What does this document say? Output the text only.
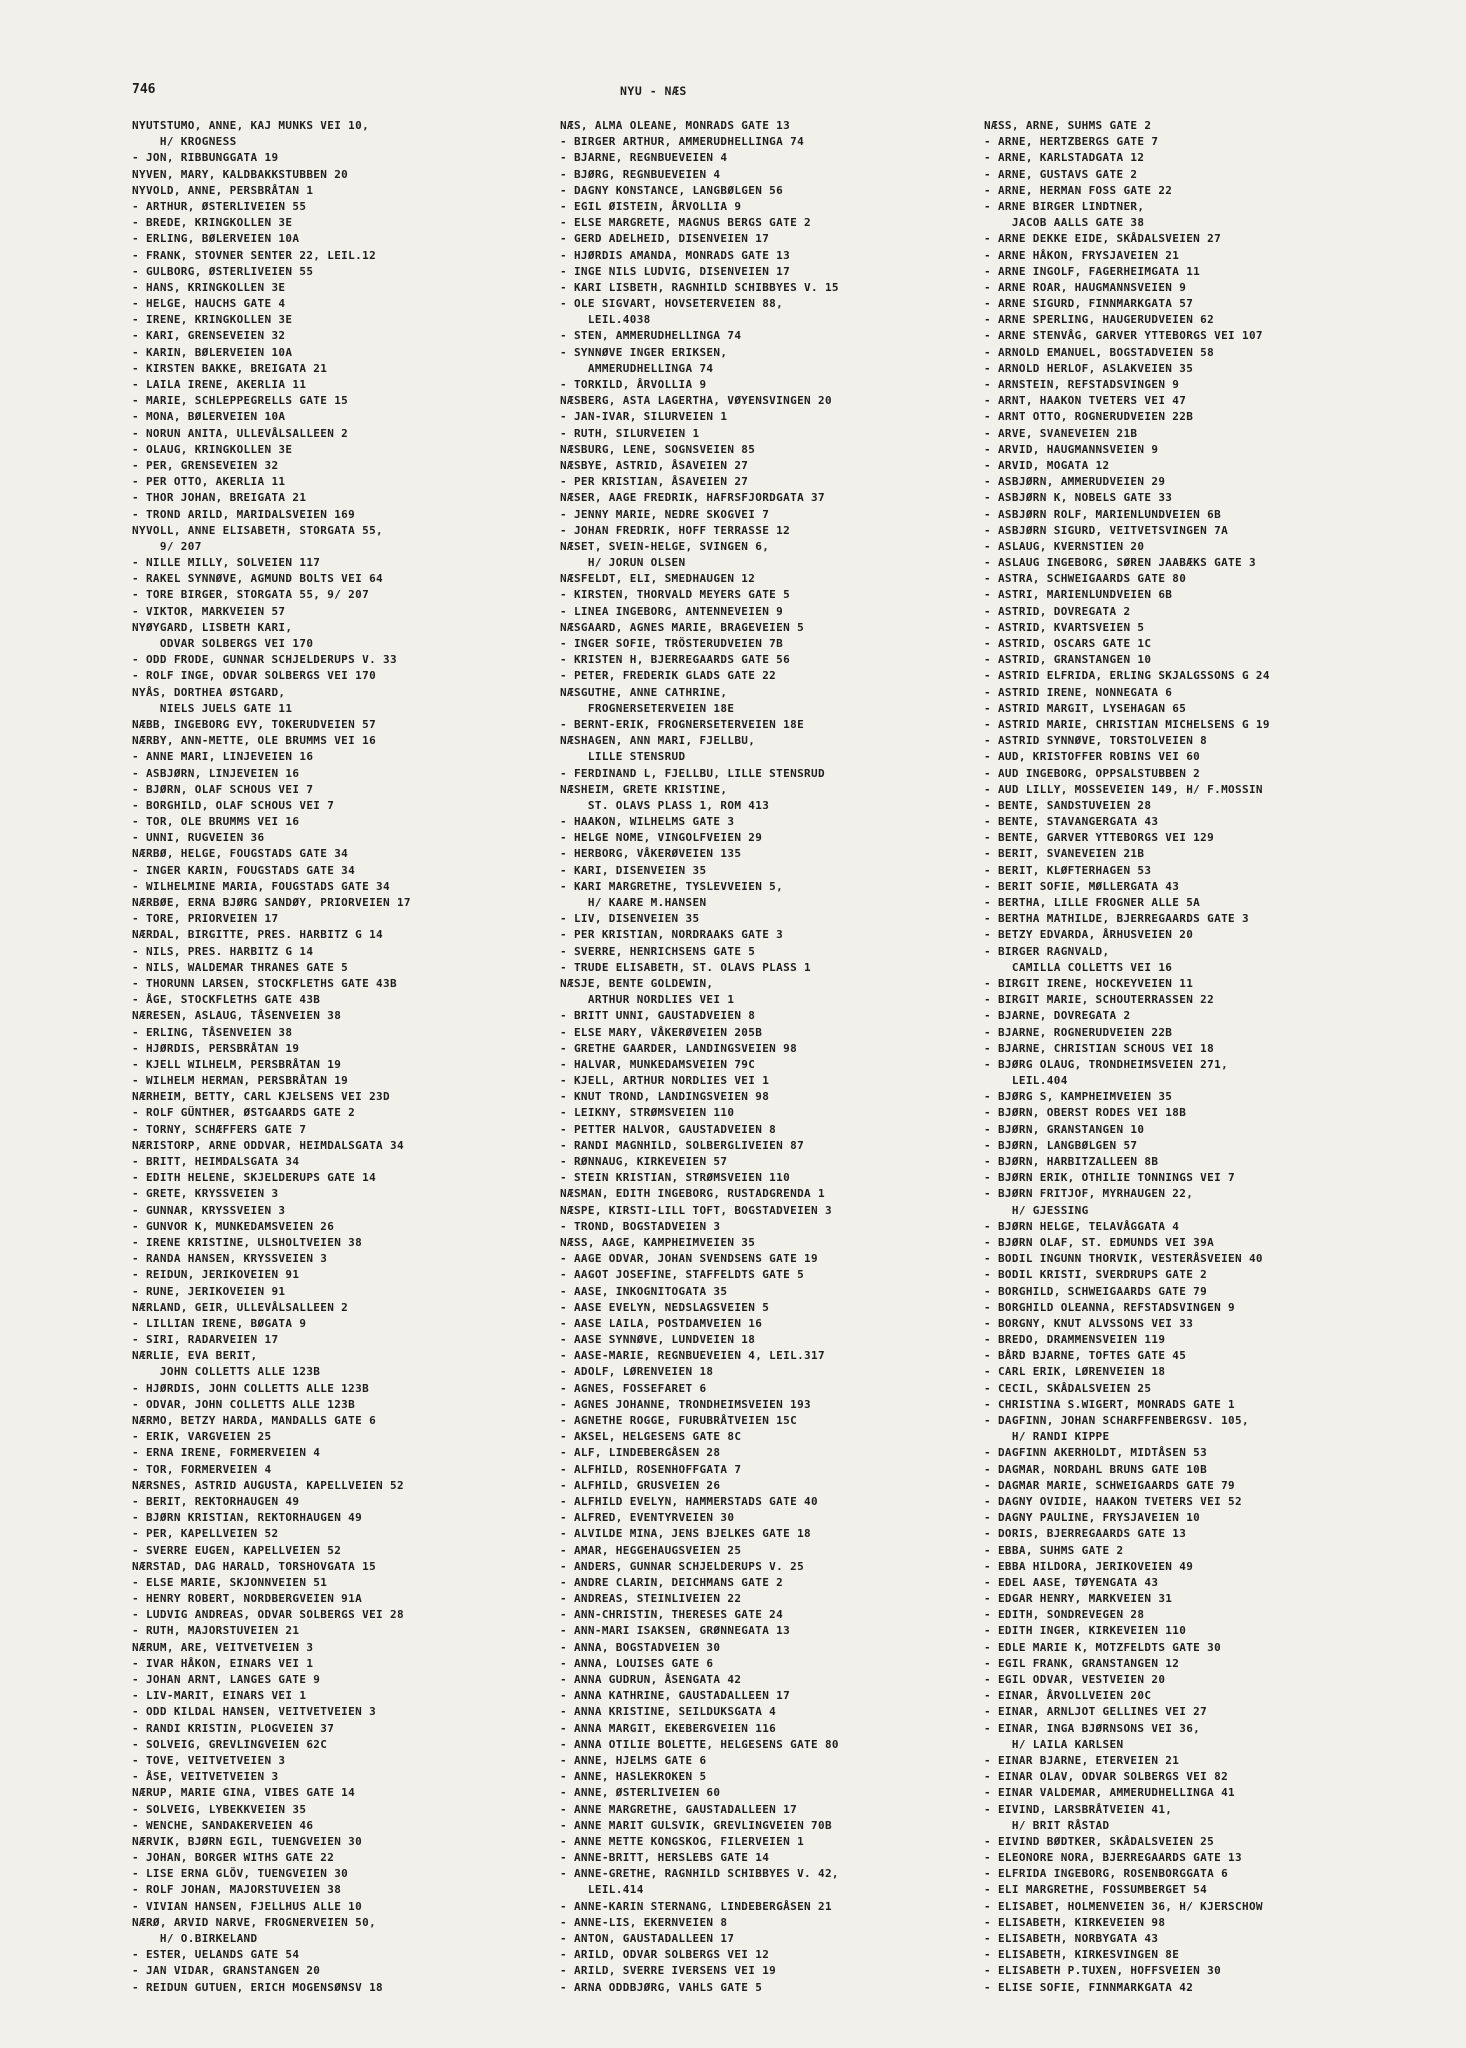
746	NYU - NÆS
NYUTSTUMO, ANNE, KAJ MUNKS VEI 10,
H/ KROGNESS
- JON, RIBBUNGGATA 19
NYVEN, MARY, KALDBAKKSTUBBEN 20
NYVOLD, ANNE, PERSBRÅTAN 1
- ARTHUR, ØSTERLIVEIEN 55
- BREDE, KRINGKOLLEN 3E
- ERLING, BØLERVEIEN 10A
- FRANK, STOVNER SENTER 22, LEIL.12
- GULBORG, ØSTERLIVEIEN 55
- HANS, KRINGKOLLEN 3E
- HELGE, HAUCHS GATE 4
- IRENE, KRINGKOLLEN 3E
- KARI, GRENSEVEIEN 32
- KARIN, BØLERVEIEN 10A
- KIRSTEN BAKKE, BREIGATA 21
- LAILA IRENE, AKERLIA 11
- MARIE, SCHLEPPEGRELLS GATE 15
- MONA, BØLERVEIEN 10A
- NORUN ANITA, ULLEVÅLSALLEEN 2
- OLAUG, KRINGKOLLEN 3E
- PER, GRENSEVEIEN 32
- PER OTTO, AKERLIA 11
- THOR JOHAN, BREIGATA 21
- TROND ARILD, MARIDALSVEIEN 169
NYVOLL, ANNE ELISABETH, STORGATA 55,
9/ 207
- NILLE MILLY, SOLVEIEN 117
- RAKEL SYNNØVE, AGMUND BOLTS VEI 64
- TORE BIRGER, STORGATA 55, 9/ 207
- VIKTOR, MARKVEIEN 57
NYØYGARD, LISBETH KARI,
ODVAR SOLBERGS VEI 170
- ODD FRODE, GUNNAR SCHJELDERUPS V. 33
- ROLF INGE, ODVAR SOLBERGS VEI 170
NYÅS, DORTHEA ØSTGARD,
NIELS JUELS GATE 11
NÆBB, INGEBORG EVY, TOKERUDVEIEN 57
NÆRBY, ANN-METTE, OLE BRUMMS VEI 16
- ANNE MARI, LINJEVEIEN 16
- ASBJØRN, LINJEVEIEN 16
- BJØRN, OLAF SCHOUS VEI 7
- BORGHILD, OLAF SCHOUS VEI 7
- TOR, OLE BRUMMS VEI 16
- UNNI, RUGVEIEN 36
NÆRBØ, HELGE, FOUGSTADS GATE 34
- INGER KARIN, FOUGSTADS GATE 34
- WILHELMINE MARIA, FOUGSTADS GATE 34
NÆRBØE, ERNA BJØRG SANDØY, PRIORVEIEN 17
- TORE, PRIORVEIEN 17
NÆRDAL, BIRGITTE, PRES. HARBITZ G 14
- NILS, PRES. HARBITZ G 14
- NILS, WALDEMAR THRANES GATE 5
- THORUNN LARSEN, STOCKFLETHS GATE 43B
- ÅGE, STOCKFLETHS GATE 43B
NÆRESEN, ASLAUG, TÅSENVEIEN 38
- ERLING, TÅSENVEIEN 38
- HJØRDIS, PERSBRÅTAN 19
- KJELL WILHELM, PERSBRÅTAN 19
- WILHELM HERMAN, PERSBRÅTAN 19
NÆRHEIM, BETTY, CARL KJELSENS VEI 23D
- ROLF GÜNTHER, ØSTGAARDS GATE 2
- TORNY, SCHÆFFERS GATE 7
NÆRISTORP, ARNE ODDVAR, HEIMDALSGATA 34
- BRITT, HEIMDALSGATA 34
- EDITH HELENE, SKJELDERUPS GATE 14
- GRETE, KRYSSVEIEN 3
- GUNNAR, KRYSSVEIEN 3
- GUNVOR K, MUNKEDAMSVEIEN 26
- IRENE KRISTINE, ULSHOLTVEIEN 38
- RANDA HANSEN, KRYSSVEIEN 3
- REIDUN, JERIKOVEIEN 91
- RUNE, JERIKOVEIEN 91
NÆRLAND, GEIR, ULLEVÅLSALLEEN 2
- LILLIAN IRENE, BØGATA 9
- SIRI, RADARVEIEN 17
NÆRLIE, EVA BERIT,
JOHN COLLETTS ALLE 123B
- HJØRDIS, JOHN COLLETTS ALLE 123B
- ODVAR, JOHN COLLETTS ALLE 123B
NÆRMO, BETZY HARDA, MANDALLS GATE 6
- ERIK, VARGVEIEN 25
- ERNA IRENE, FORMERVEIEN 4
- TOR, FORMERVEIEN 4
NÆRSNES, ASTRID AUGUSTA, KAPELLVEIEN 52
- BERIT, REKTORHAUGEN 49
- BJØRN KRISTIAN, REKTORHAUGEN 49
- PER, KAPELLVEIEN 52
- SVERRE EUGEN, KAPELLVEIEN 52
NÆRSTAD, DAG HARALD, TORSHOVGATA 15
- ELSE MARIE, SKJONNVEIEN 51
- HENRY ROBERT, NORDBERGVEIEN 91A
- LUDVIG ANDREAS, ODVAR SOLBERGS VEI 28
- RUTH, MAJORSTUVEIEN 21
NÆRUM, ARE, VEITVETVEIEN 3
- IVAR HÅKON, EINARS VEI 1
- JOHAN ARNT, LANGES GATE 9
- LIV-MARIT, EINARS VEI 1
- ODD KILDAL HANSEN, VEITVETVEIEN 3
- RANDI KRISTIN, PLOGVEIEN 37
- SOLVEIG, GREVLINGVEIEN 62C
- TOVE, VEITVETVEIEN 3
- ÅSE, VEITVETVEIEN 3
NÆRUP, MARIE GINA, VIBES GATE 14
- SOLVEIG, LYBEKKVEIEN 35
- WENCHE, SANDAKERVEIEN 46
NÆRVIK, BJØRN EGIL, TUENGVEIEN 30
- JOHAN, BORGER WITHS GATE 22
- LISE ERNA GLÖV, TUENGVEIEN 30
- ROLF JOHAN, MAJORSTUVEIEN 38
- VIVIAN HANSEN, FJELLHUS ALLE 10
NÆRØ, ARVID NARVE, FROGNERVEIEN 50,
H/ O.BIRKELAND
- ESTER, UELANDS GATE 54
- JAN VIDAR, GRANSTANGEN 20
- REIDUN GUTUEN, ERICH MOGENSØNSV 18
NÆS, ALMA OLEANE, MONRADS GATE 13
- BIRGER ARTHUR, AMMERUDHELLINGA 74
- BJARNE, REGNBUEVEIEN 4
- BJØRG, REGNBUEVEIEN 4
- DAGNY KONSTANCE, LANGBØLGEN 56
- EGIL ØISTEIN, ÅRVOLLIA 9
- ELSE MARGRETE, MAGNUS BERGS GATE 2
- GERD ADELHEID, DISENVEIEN 17
- HJØRDIS AMANDA, MONRADS GATE 13
- INGE NILS LUDVIG, DISENVEIEN 17
- KARI LISBETH, RAGNHILD SCHIBBYES V. 15
- OLE SIGVART, HOVSETERVEIEN 88,
LEIL.4038
- STEN, AMMERUDHELLINGA 74
- SYNNØVE INGER ERIKSEN,
AMMERUDHELLINGA 74
- TORKILD, ÅRVOLLIA 9
NÆSBERG, ASTA LAGERTHA, VØYENSVINGEN 20
- JAN-IVAR, SILURVEIEN 1
- RUTH, SILURVEIEN 1
NÆSBURG, LENE, SOGNSVEIEN 85
NÆSBYE, ASTRID, ÅSAVEIEN 27
- PER KRISTIAN, ÅSAVEIEN 27
NÆSER, AAGE FREDRIK, HAFRSFJORDGATA 37
- JENNY MARIE, NEDRE SKOGVEI 7
- JOHAN FREDRIK, HOFF TERRASSE 12
NÆSET, SVEIN-HELGE, SVINGEN 6,
H/ JORUN OLSEN
NÆSFELDT, ELI, SMEDHAUGEN 12
- KIRSTEN, THORVALD MEYERS GATE 5
- LINEA INGEBORG, ANTENNEVEIEN 9
NÆSGAARD, AGNES MARIE, BRAGEVEIEN 5
- INGER SOFIE, TRÖSTERUDVEIEN 7B
- KRISTEN H, BJERREGAARDS GATE 56
- PETER, FREDERIK GLADS GATE 22
NÆSGUTHE, ANNE CATHRINE,
FROGNERSETERVEIEN 18E
- BERNT-ERIK, FROGNERSETERVEIEN 18E
NÆSHAGEN, ANN MARI, FJELLBU,
LILLE STENSRUD
- FERDINAND L, FJELLBU, LILLE STENSRUD
NÆSHEIM, GRETE KRISTINE,
ST. OLAVS PLASS 1, ROM 413
- HAAKON, WILHELMS GATE 3
- HELGE NOME, VINGOLFVEIEN 29
- HERBORG, VÅKERØVEIEN 135
- KARI, DISENVEIEN 35
- KARI MARGRETHE, TYSLEVVEIEN 5,
H/ KAARE M.HANSEN
- LIV, DISENVEIEN 35
- PER KRISTIAN, NORDRAAKS GATE 3
- SVERRE, HENRICHSENS GATE 5
- TRUDE ELISABETH, ST. OLAVS PLASS 1
NÆSJE, BENTE GOLDEWIN,
ARTHUR NORDLIES VEI 1
- BRITT UNNI, GAUSTADVEIEN 8
- ELSE MARY, VÅKERØVEIEN 205B
- GRETHE GAARDER, LANDINGSVEIEN 98
- HALVAR, MUNKEDAMSVEIEN 79C
- KJELL, ARTHUR NORDLIES VEI 1
- KNUT TROND, LANDINGSVEIEN 98
- LEIKNY, STRØMSVEIEN 110
- PETTER HALVOR, GAUSTADVEIEN 8
- RANDI MAGNHILD, SOLBERGLIVEIEN 87
- RØNNAUG, KIRKEVEIEN 57
- STEIN KRISTIAN, STRØMSVEIEN 110
NÆSMAN, EDITH INGEBORG, RUSTADGRENDA 1
NÆSPE, KIRSTI-LILL TOFT, BOGSTADVEIEN 3
- TROND, BOGSTADVEIEN 3
NÆSS, AAGE, KAMPHEIMVEIEN 35
- AAGE ODVAR, JOHAN SVENDSENS GATE 19
- AAGOT JOSEFINE, STAFFELDTS GATE 5
- AASE, INKOGNITOGATA 35
- AASE EVELYN, NEDSLAGSVEIEN 5
- AASE LAILA, POSTDAMVEIEN 16
- AASE SYNNØVE, LUNDVEIEN 18
- AASE-MARIE, REGNBUEVEIEN 4, LEIL.317
- ADOLF, LØRENVEIEN 18
- AGNES, FOSSEFARET 6
- AGNES JOHANNE, TRONDHEIMSVEIEN 193
- AGNETHE ROGGE, FURUBRÅTVEIEN 15C
- AKSEL, HELGESENS GATE 8C
- ALF, LINDEBERGÅSEN 28
- ALFHILD, ROSENHOFFGATA 7
- ALFHILD, GRUSVEIEN 26
- ALFHILD EVELYN, HAMMERSTADS GATE 40
- ALFRED, EVENTYRVEIEN 30
- ALVILDE MINA, JENS BJELKES GATE 18
- AMAR, HEGGEHAUGSVEIEN 25
- ANDERS, GUNNAR SCHJELDERUPS V. 25
- ANDRE CLARIN, DEICHMANS GATE 2
- ANDREAS, STEINLIVEIEN 22
- ANN-CHRISTIN, THERESES GATE 24
- ANN-MARI ISAKSEN, GRØNNEGATA 13
- ANNA, BOGSTADVEIEN 30
- ANNA, LOUISES GATE 6
- ANNA GUDRUN, ÅSENGATA 42
- ANNA KATHRINE, GAUSTADALLEEN 17
- ANNA KRISTINE, SEILDUKSGATA 4
- ANNA MARGIT, EKEBERGVEIEN 116
- ANNA OTILIE BOLETTE, HELGESENS GATE 80
- ANNE, HJELMS GATE 6
- ANNE, HASLEKROKEN 5
- ANNE, ØSTERLIVEIEN 60
- ANNE MARGRETHE, GAUSTADALLEEN 17
- ANNE MARIT GULSVIK, GREVLINGVEIEN 70B
- ANNE METTE KONGSKOG, FILERVEIEN 1
- ANNE-BRITT, HERSLEBS GATE 14
- ANNE-GRETHE, RAGNHILD SCHIBBYES V. 42,
LEIL.414
- ANNE-KARIN STERNANG, LINDEBERGÅSEN 21
- ANNE-LIS, EKERNVEIEN 8
- ANTON, GAUSTADALLEEN 17
- ARILD, ODVAR SOLBERGS VEI 12
- ARILD, SVERRE IVERSENS VEI 19
- ARNA ODDBJØRG, VAHLS GATE 5
NÆSS, ARNE, SUHMS GATE 2
- ARNE, HERTZBERGS GATE 7
- ARNE, KARLSTADGATA 12
- ARNE, GUSTAVS GATE 2
- ARNE, HERMAN FOSS GATE 22
- ARNE BIRGER LINDTNER,
JACOB AALLS GATE 38
- ARNE DEKKE EIDE, SKÅDALSVEIEN 27
- ARNE HÅKON, FRYSJAVEIEN 21
- ARNE INGOLF, FAGERHEIMGATA 11
- ARNE ROAR, HAUGMANNSVEIEN 9
- ARNE SIGURD, FINNMARKGATA 57
- ARNE SPERLING, HAUGERUDVEIEN 62
- ARNE STENVÅG, GARVER YTTEBORGS VEI 107
- ARNOLD EMANUEL, BOGSTADVEIEN 58
- ARNOLD HERLOF, ASLAKVEIEN 35
- ARNSTEIN, REFSTADSVINGEN 9
- ARNT, HAAKON TVETERS VEI 47
- ARNT OTTO, ROGNERUDVEIEN 22B
- ARVE, SVANEVEIEN 21B
- ARVID, HAUGMANNSVEIEN 9
- ARVID, MOGATA 12
- ASBJØRN, AMMERUDVEIEN 29
- ASBJØRN K, NOBELS GATE 33
- ASBJØRN ROLF, MARIENLUNDVEIEN 6B
- ASBJØRN SIGURD, VEITVETSVINGEN 7A
- ASLAUG, KVERNSTIEN 20
- ASLAUG INGEBORG, SØREN JAABÆKS GATE 3
- ASTRA, SCHWEIGAARDS GATE 80
- ASTRI, MARIENLUNDVEIEN 6B
- ASTRID, DOVREGATA 2
- ASTRID, KVARTSVEIEN 5
- ASTRID, OSCARS GATE 1C
- ASTRID, GRANSTANGEN 10
- ASTRID ELFRIDA, ERLING SKJALGSSONS G 24
- ASTRID IRENE, NONNEGATA 6
- ASTRID MARGIT, LYSEHAGAN 65
- ASTRID MARIE, CHRISTIAN MICHELSENS G 19
- ASTRID SYNNØVE, TORSTOLVEIEN 8
- AUD, KRISTOFFER ROBINS VEI 60
- AUD INGEBORG, OPPSALSTUBBEN 2
- AUD LILLY, MOSSEVEIEN 149, H/ F.MOSSIN
- BENTE, SANDSTUVEIEN 28
- BENTE, STAVANGERGATA 43
- BENTE, GARVER YTTEBORGS VEI 129
- BERIT, SVANEVEIEN 21B
- BERIT, KLØFTERHAGEN 53
- BERIT SOFIE, MØLLERGATA 43
- BERTHA, LILLE FROGNER ALLE 5A
- BERTHA MATHILDE, BJERREGAARDS GATE 3
- BETZY EDVARDA, ÅRHUSVEIEN 20
- BIRGER RAGNVALD,
CAMILLA COLLETTS VEI 16
- BIRGIT IRENE, HOCKEYVEIEN 11
- BIRGIT MARIE, SCHOUTERRASSEN 22
- BJARNE, DOVREGATA 2
- BJARNE, ROGNERUDVEIEN 22B
- BJARNE, CHRISTIAN SCHOUS VEI 18
- BJØRG OLAUG, TRONDHEIMSVEIEN 271,
LEIL.404
- BJØRG S, KAMPHEIMVEIEN 35
- BJØRN, OBERST RODES VEI 18B
- BJØRN, GRANSTANGEN 10
- BJØRN, LANGBØLGEN 57
- BJØRN, HARBITZALLEEN 8B
- BJØRN ERIK, OTHILIE TONNINGS VEI 7
- BJØRN FRITJOF, MYRHAUGEN 22,
H/ GJESSING
- BJØRN HELGE, TELAVÅGGATA 4
- BJØRN OLAF, ST. EDMUNDS VEI 39A
- BODIL INGUNN THORVIK, VESTERÅSVEIEN 40
- BODIL KRISTI, SVERDRUPS GATE 2
- BORGHILD, SCHWEIGAARDS GATE 79
- BORGHILD OLEANNA, REFSTADSVINGEN 9
- BORGNY, KNUT ALVSSONS VEI 33
- BREDO, DRAMMENSVEIEN 119
- BÅRD BJARNE, TOFTES GATE 45
- CARL ERIK, LØRENVEIEN 18
- CECIL, SKÅDALSVEIEN 25
- CHRISTINA S.WIGERT, MONRADS GATE 1
- DAGFINN, JOHAN SCHARFFENBERGSV. 105,
H/ RANDI KIPPE
- DAGFINN AKERHOLDT, MIDTÅSEN 53
- DAGMAR, NORDAHL BRUNS GATE 10B
- DAGMAR MARIE, SCHWEIGAARDS GATE 79
- DAGNY OVIDIE, HAAKON TVETERS VEI 52
- DAGNY PAULINE, FRYSJAVEIEN 10
- DORIS, BJERREGAARDS GATE 13
- EBBA, SUHMS GATE 2
- EBBA HILDORA, JERIKOVEIEN 49
- EDEL AASE, TØYENGATA 43
- EDGAR HENRY, MARKVEIEN 31
- EDITH, SONDREVEGEN 28
- EDITH INGER, KIRKEVEIEN 110
- EDLE MARIE K, MOTZFELDTS GATE 30
- EGIL FRANK, GRANSTANGEN 12
- EGIL ODVAR, VESTVEIEN 20
- EINAR, ÅRVOLLVEIEN 20C
- EINAR, ARNLJOT GELLINES VEI 27
- EINAR, INGA BJØRNSONS VEI 36,
H/ LAILA KARLSEN
- EINAR BJARNE, ETERVEIEN 21
- EINAR OLAV, ODVAR SOLBERGS VEI 82
- EINAR VALDEMAR, AMMERUDHELLINGA 41
- EIVIND, LARSBRÅTVEIEN 41,
H/ BRIT RÅSTAD
- EIVIND BØDTKER, SKÅDALSVEIEN 25
- ELEONORE NORA, BJERREGAARDS GATE 13
- ELFRIDA INGEBORG, ROSENBORGGATA 6
- ELI MARGRETHE, FOSSUMBERGET 54
- ELISABET, HOLMENVEIEN 36, H/ KJERSCHOW
- ELISABETH, KIRKEVEIEN 98
- ELISABETH, NORBYGATA 43
- ELISABETH, KIRKESVINGEN 8E
- ELISABETH P.TUXEN, HOFFSVEIEN 30
- ELISE SOFIE, FINNMARKGATA 42
